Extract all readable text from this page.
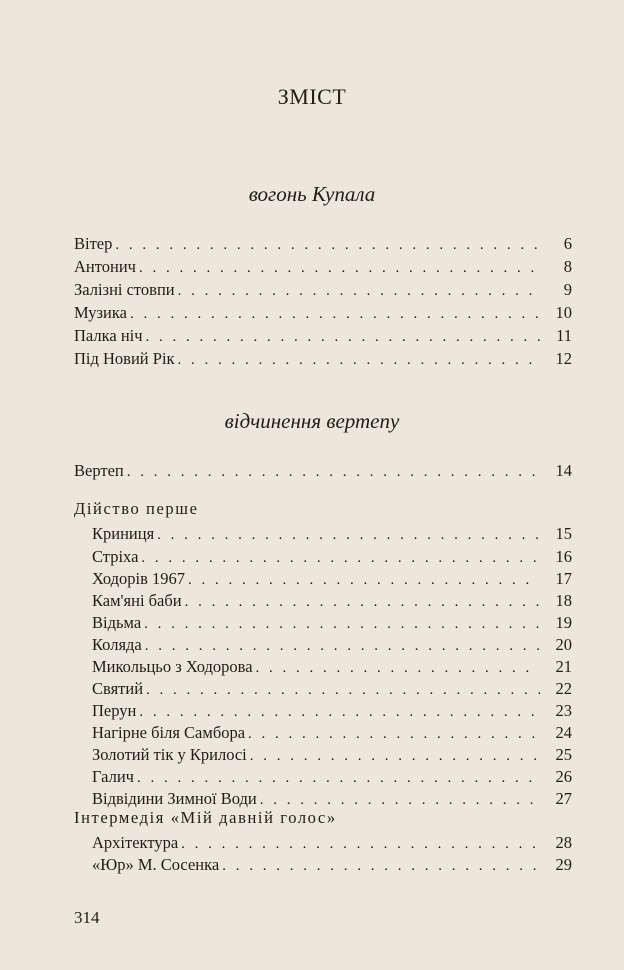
ЗМІСТ
вогонь Купала
Вітер . . .	6
Антонич . . .	8
Залізні стовпи . . .	9
Музика . . .	10
Палка ніч . . .	11
Під Новий Рік . . .	12
відчинення вертепу
Вертеп . . .	14
Дійство перше
Криниця . . .	15
Стріха . . .	16
Ходорів 1967 . . .	17
Кам'яні баби . . .	18
Відьма . . .	19
Коляда . . .	20
Микольцьо з Ходорова . . .	21
Святий . . .	22
Перун . . .	23
Нагірне біля Самбора . . .	24
Золотий тік у Крилосі . . .	25
Галич . . .	26
Відвідини Зимної Води . . .	27
Інтермедія «Мій давній голос»
Архітектура . . .	28
«Юр» М. Сосенка . . .	29
314
